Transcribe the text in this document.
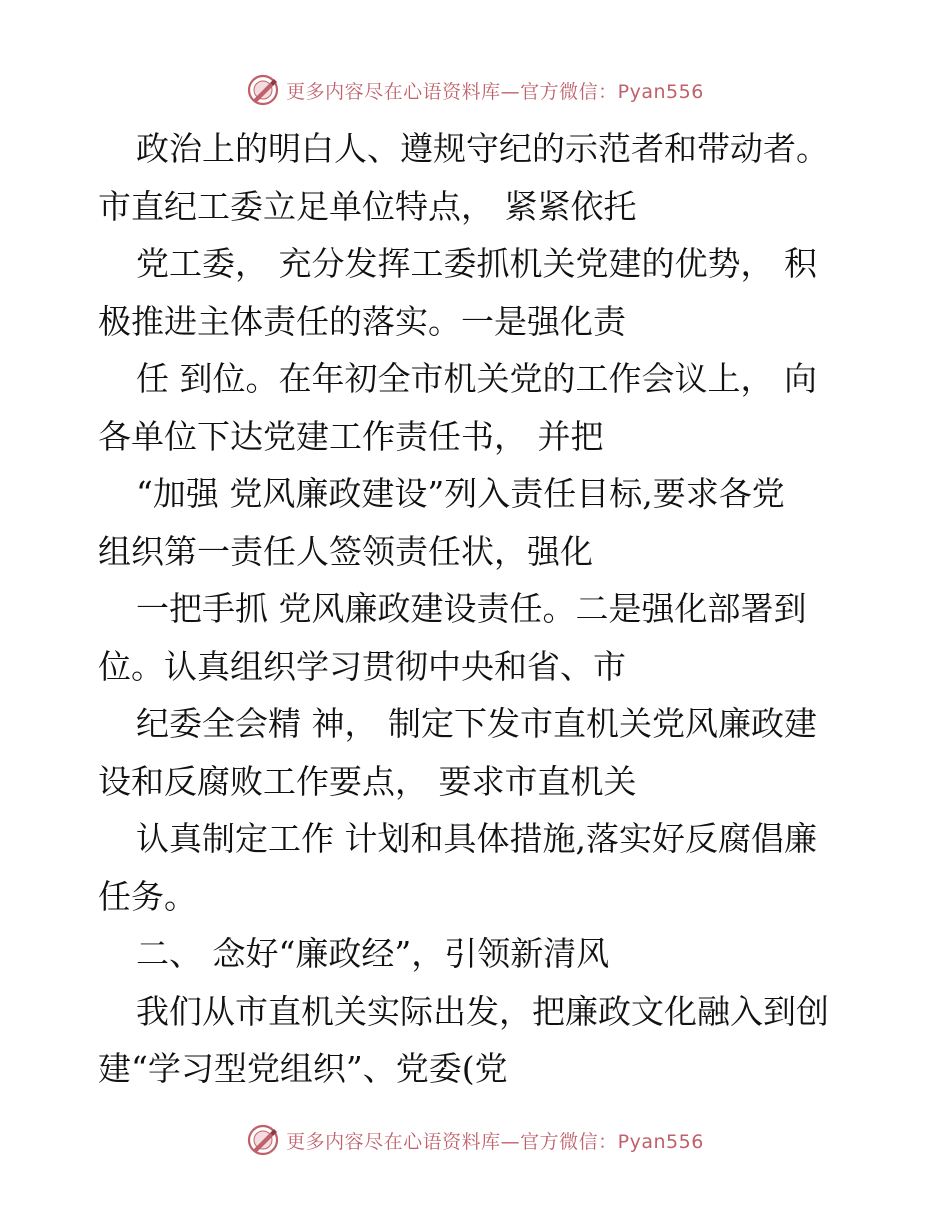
更多内容尽在心语资料库—官方微信：Pyan556
政治上的明白人、遵规守纪的示范者和带动者。
市直纪工委立足单位特点， 紧紧依托
党工委， 充分发挥工委抓机关党建的优势， 积
极推进主体责任的落实。一是强化责
任 到位。在年初全市机关党的工作会议上， 向
各单位下达党建工作责任书， 并把
“加强 党风廉政建设”列入责任目标,要求各党
组织第一责任人签领责任状，强化
一把手抓 党风廉政建设责任。二是强化部署到
位。认真组织学习贯彻中央和省、市
纪委全会精 神， 制定下发市直机关党风廉政建
设和反腐败工作要点， 要求市直机关
认真制定工作 计划和具体措施,落实好反腐倡廉
任务。
二、 念好“廉政经”，引领新清风
我们从市直机关实际出发，把廉政文化融入到创
建“学习型党组织”、党委(党
更多内容尽在心语资料库—官方微信：Pyan556
